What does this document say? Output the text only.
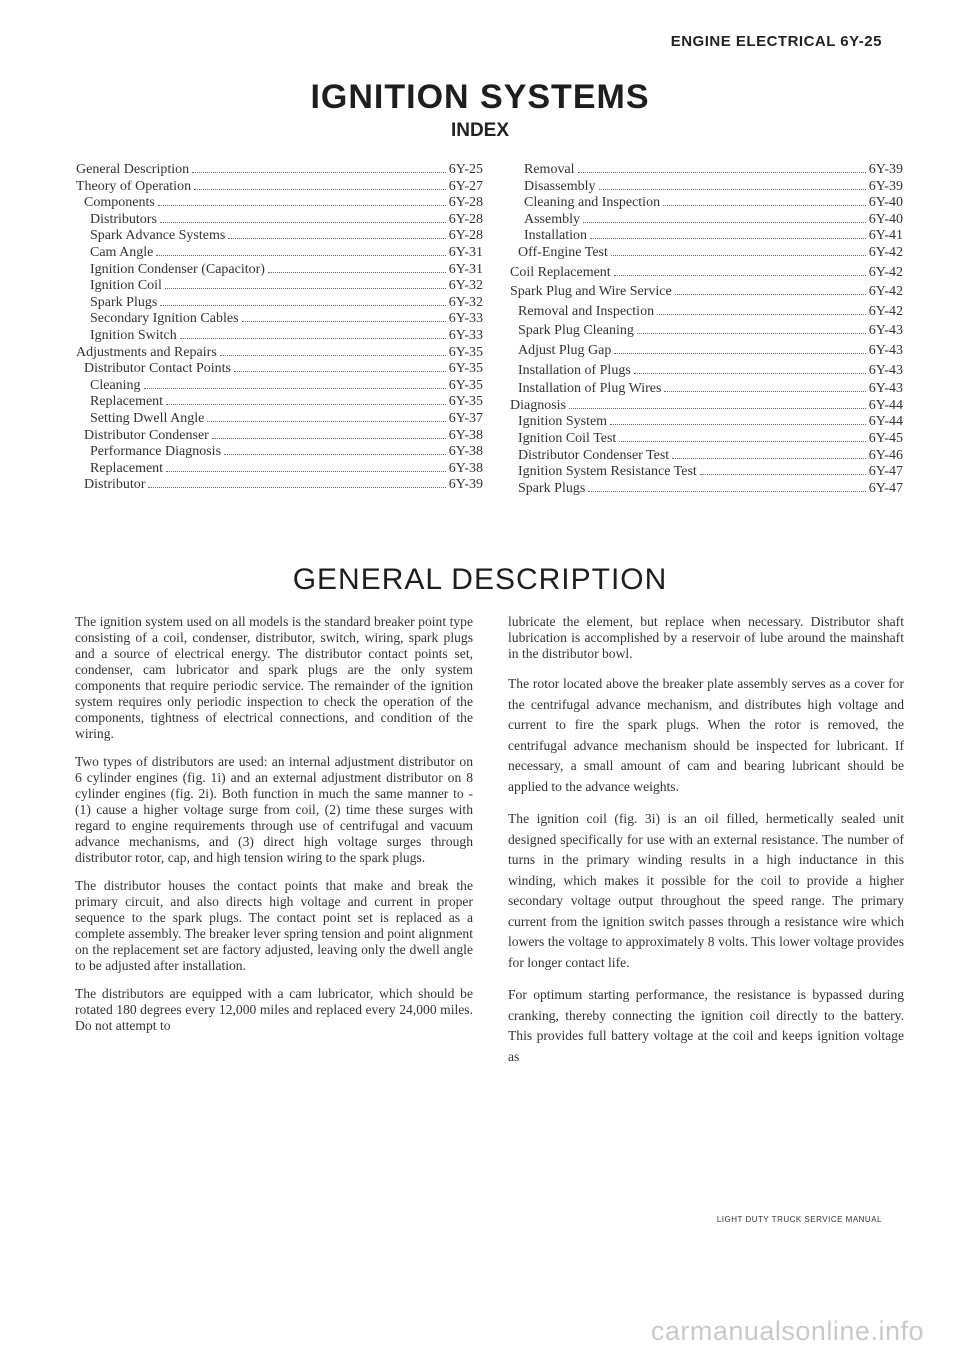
ENGINE ELECTRICAL 6Y-25
IGNITION SYSTEMS
INDEX
General Description	6Y-25
Theory of Operation	6Y-27
Components	6Y-28
Distributors	6Y-28
Spark Advance Systems	6Y-28
Cam Angle	6Y-31
Ignition Condenser (Capacitor)	6Y-31
Ignition Coil	6Y-32
Spark Plugs	6Y-32
Secondary Ignition Cables	6Y-33
Ignition Switch	6Y-33
Adjustments and Repairs	6Y-35
Distributor Contact Points	6Y-35
Cleaning	6Y-35
Replacement	6Y-35
Setting Dwell Angle	6Y-37
Distributor Condenser	6Y-38
Performance Diagnosis	6Y-38
Replacement	6Y-38
Distributor	6Y-39
Removal	6Y-39
Disassembly	6Y-39
Cleaning and Inspection	6Y-40
Assembly	6Y-40
Installation	6Y-41
Off-Engine Test	6Y-42
Coil Replacement	6Y-42
Spark Plug and Wire Service	6Y-42
Removal and Inspection	6Y-42
Spark Plug Cleaning	6Y-43
Adjust Plug Gap	6Y-43
Installation of Plugs	6Y-43
Installation of Plug Wires	6Y-43
Diagnosis	6Y-44
Ignition System	6Y-44
Ignition Coil Test	6Y-45
Distributor Condenser Test	6Y-46
Ignition System Resistance Test	6Y-47
Spark Plugs	6Y-47
GENERAL DESCRIPTION

The ignition system used on all models is the standard breaker point type consisting of a coil, condenser, distributor, switch, wiring, spark plugs and a source of electrical energy. The distributor contact points set, condenser, cam lubricator and spark plugs are the only system components that require periodic service. The remainder of the ignition system requires only periodic inspection to check the operation of the components, tightness of electrical connections, and condition of the wiring.

Two types of distributors are used: an internal adjustment distributor on 6 cylinder engines (fig. 1i) and an external adjustment distributor on 8 cylinder engines (fig. 2i). Both function in much the same manner to - (1) cause a higher voltage surge from coil, (2) time these surges with regard to engine requirements through use of centrifugal and vacuum advance mechanisms, and (3) direct high voltage surges through distributor rotor, cap, and high tension wiring to the spark plugs.

The distributor houses the contact points that make and break the primary circuit, and also directs high voltage and current in proper sequence to the spark plugs. The contact point set is replaced as a complete assembly. The breaker lever spring tension and point alignment on the replacement set are factory adjusted, leaving only the dwell angle to be adjusted after installation.

The distributors are equipped with a cam lubricator, which should be rotated 180 degrees every 12,000 miles and replaced every 24,000 miles. Do not attempt to

lubricate the element, but replace when necessary. Distributor shaft lubrication is accomplished by a reservoir of lube around the mainshaft in the distributor bowl.

The rotor located above the breaker plate assembly serves as a cover for the centrifugal advance mechanism, and distributes high voltage and current to fire the spark plugs. When the rotor is removed, the centrifugal advance mechanism should be inspected for lubricant. If necessary, a small amount of cam and bearing lubricant should be applied to the advance weights.

The ignition coil (fig. 3i) is an oil filled, hermetically sealed unit designed specifically for use with an external resistance. The number of turns in the primary winding results in a high inductance in this winding, which makes it possible for the coil to provide a higher secondary voltage output throughout the speed range. The primary current from the ignition switch passes through a resistance wire which lowers the voltage to approximately 8 volts. This lower voltage provides for longer contact life.

For optimum starting performance, the resistance is bypassed during cranking, thereby connecting the ignition coil directly to the battery. This provides full battery voltage at the coil and keeps ignition voltage as

LIGHT DUTY TRUCK SERVICE MANUAL
carmanualsonline.info
